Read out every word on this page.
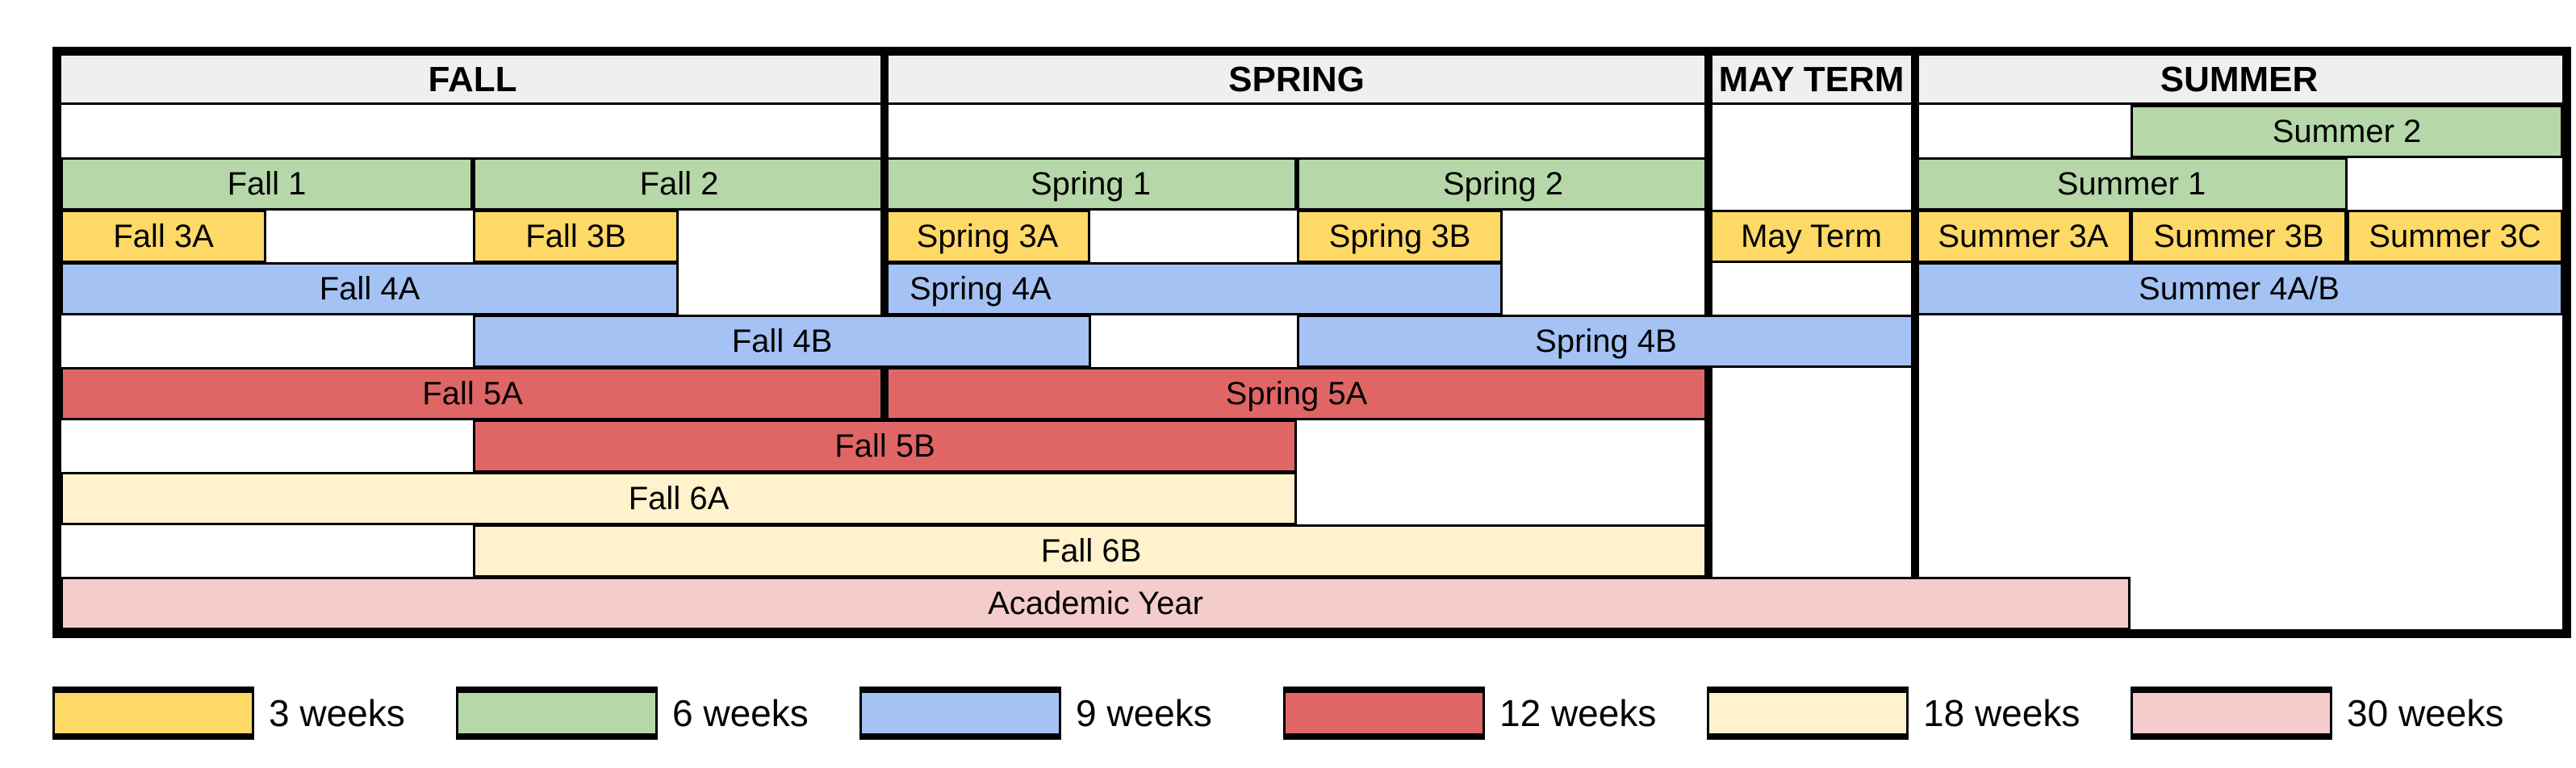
FALL	SPRING	MAY TERM	SUMMER
Summer 2
Fall 1	Fall 2	Spring 1	Spring 2	Summer 1
Fall 3A	Fall 3B	Spring 3A	Spring 3B	May Term	Summer 3A	Summer 3B	Summer 3C
Fall 4A	Spring 4A	Summer 4A/B
Fall 4B	Spring 4B
Fall 5A	Spring 5A
Fall 5B
Fall 6A
Fall 6B
Academic Year
3 weeks	6 weeks	9 weeks	12 weeks	18 weeks	30 weeks
